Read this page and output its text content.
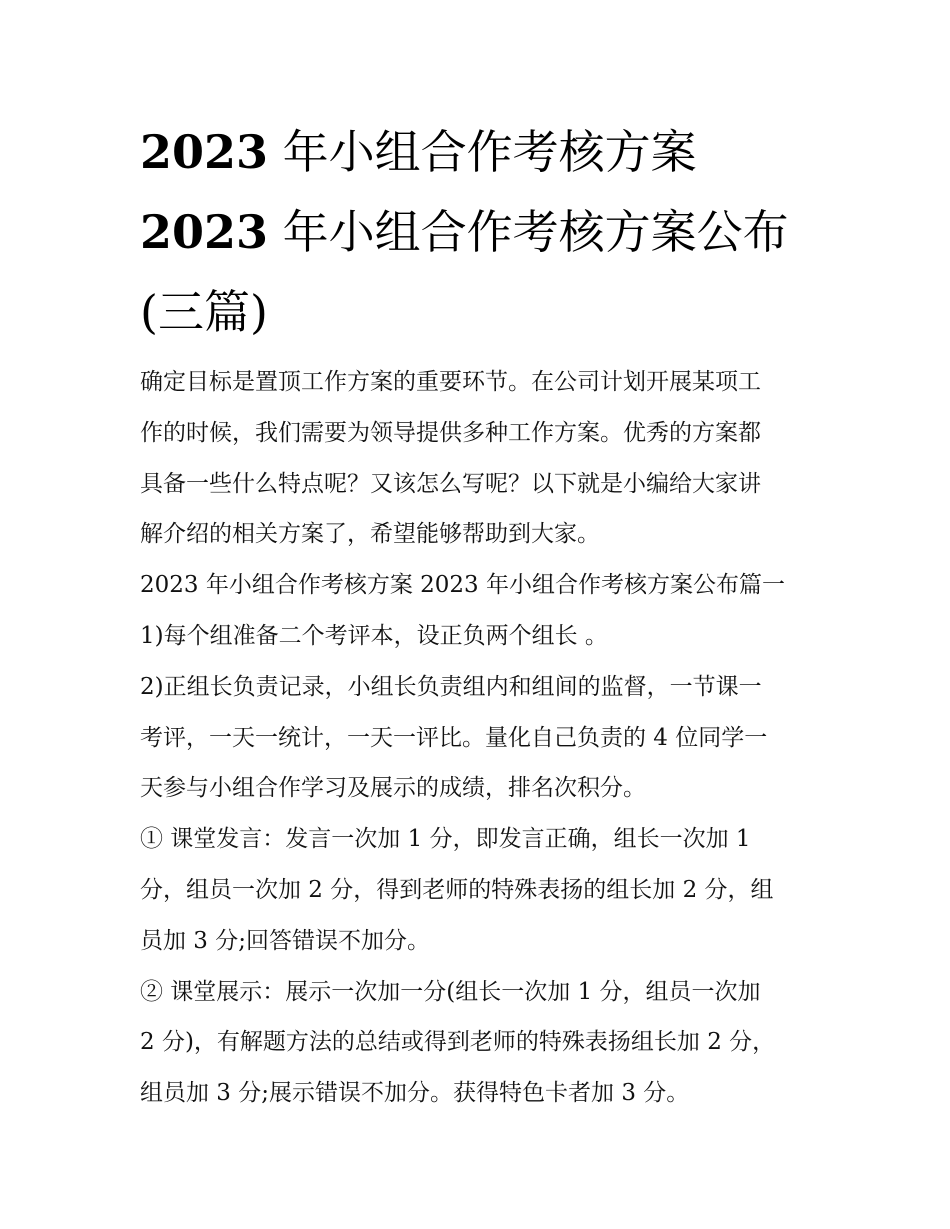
2023 年小组合作考核方案
2023 年小组合作考核方案公布
(三篇)
确定目标是置顶工作方案的重要环节。在公司计划开展某项工
作的时候，我们需要为领导提供多种工作方案。优秀的方案都
具备一些什么特点呢？又该怎么写呢？以下就是小编给大家讲
解介绍的相关方案了，希望能够帮助到大家。
2023 年小组合作考核方案 2023 年小组合作考核方案公布篇一
1)每个组准备二个考评本，设正负两个组长 。
2)正组长负责记录，小组长负责组内和组间的监督，一节课一
考评，一天一统计，一天一评比。量化自己负责的 4 位同学一
天参与小组合作学习及展示的成绩，排名次积分。
① 课堂发言：发言一次加 1 分，即发言正确，组长一次加 1
分，组员一次加 2 分，得到老师的特殊表扬的组长加 2 分，组
员加 3 分;回答错误不加分。
② 课堂展示：展示一次加一分(组长一次加 1 分，组员一次加
2 分)，有解题方法的总结或得到老师的特殊表扬组长加 2 分，
组员加 3 分;展示错误不加分。获得特色卡者加 3 分。
